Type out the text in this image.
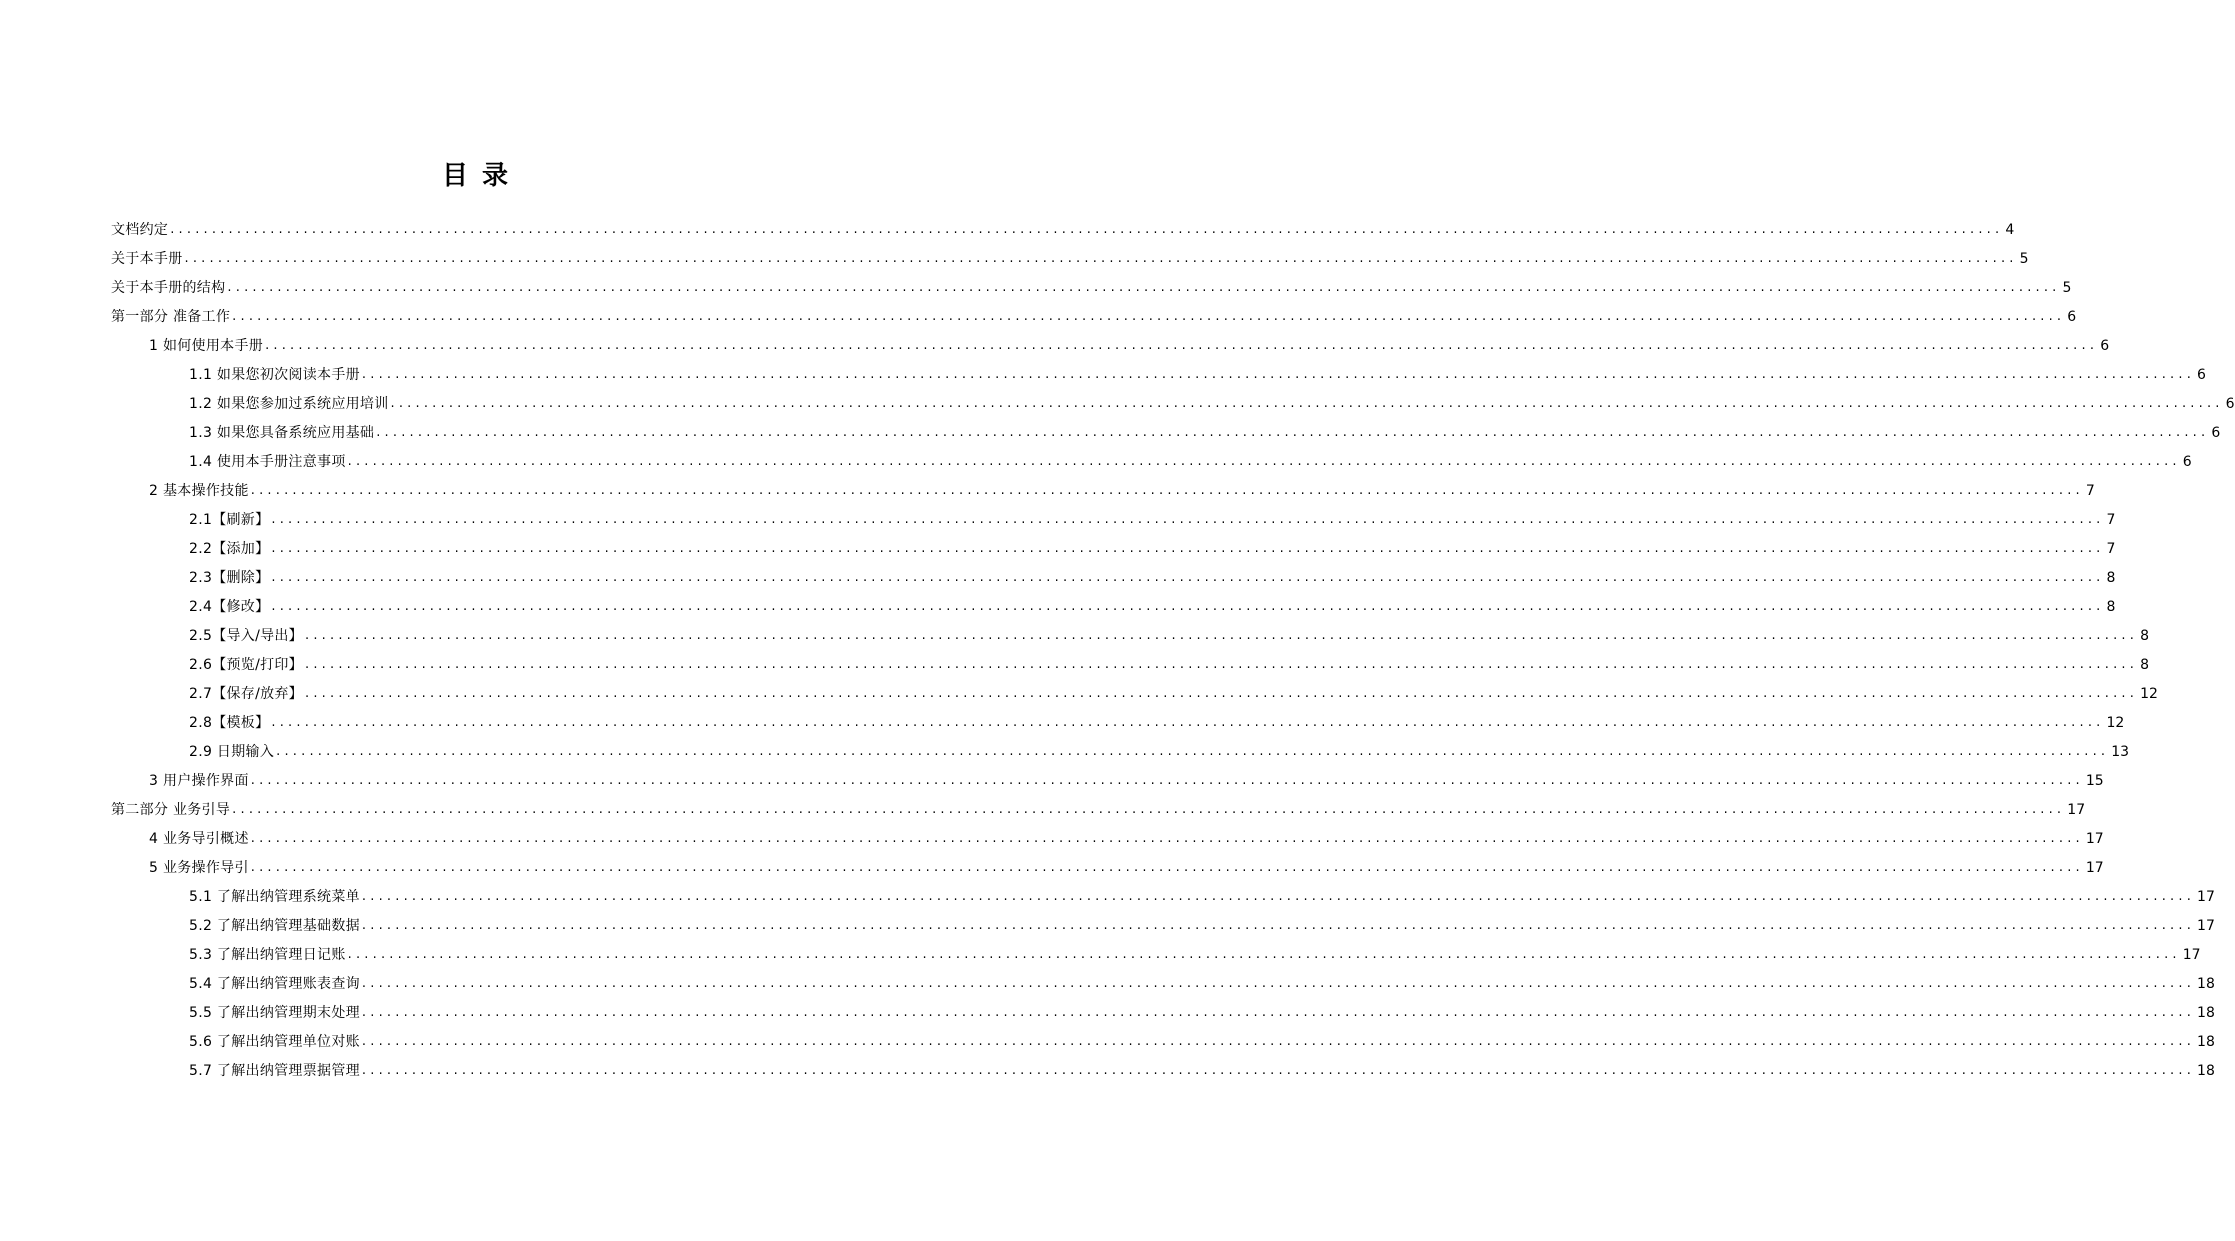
目录
文档约定 ............................................................................................................................................................................................................................ 4
关于本手册 ............................................................................................................................................................................................................................ 5
关于本手册的结构 ............................................................................................................................................................................................................................ 5
第一部分 准备工作 ............................................................................................................................................................................................................................ 6
1 如何使用本手册 ............................................................................................................................................................................................................................ 6
1.1 如果您初次阅读本手册 ............................................................................................................................................................................................................................ 6
1.2 如果您参加过系统应用培训 ............................................................................................................................................................................................................................ 6
1.3 如果您具备系统应用基础 ............................................................................................................................................................................................................................ 6
1.4 使用本手册注意事项 ............................................................................................................................................................................................................................ 6
2 基本操作技能 ............................................................................................................................................................................................................................ 7
2.1【刷新】 ............................................................................................................................................................................................................................ 7
2.2【添加】 ............................................................................................................................................................................................................................ 7
2.3【删除】 ............................................................................................................................................................................................................................ 8
2.4【修改】 ............................................................................................................................................................................................................................ 8
2.5【导入/导出】 ............................................................................................................................................................................................................................ 8
2.6【预览/打印】 ............................................................................................................................................................................................................................ 8
2.7【保存/放弃】 ............................................................................................................................................................................................................................ 12
2.8【模板】 ............................................................................................................................................................................................................................ 12
2.9 日期输入 ............................................................................................................................................................................................................................ 13
3 用户操作界面 ............................................................................................................................................................................................................................ 15
第二部分 业务引导 ............................................................................................................................................................................................................................ 17
4 业务导引概述 ............................................................................................................................................................................................................................ 17
5 业务操作导引 ............................................................................................................................................................................................................................ 17
5.1 了解出纳管理系统菜单 ............................................................................................................................................................................................................................ 17
5.2 了解出纳管理基础数据 ............................................................................................................................................................................................................................ 17
5.3 了解出纳管理日记账 ............................................................................................................................................................................................................................ 17
5.4 了解出纳管理账表查询 ............................................................................................................................................................................................................................ 18
5.5 了解出纳管理期末处理 ............................................................................................................................................................................................................................ 18
5.6 了解出纳管理单位对账 ............................................................................................................................................................................................................................ 18
5.7 了解出纳管理票据管理 ............................................................................................................................................................................................................................ 18
